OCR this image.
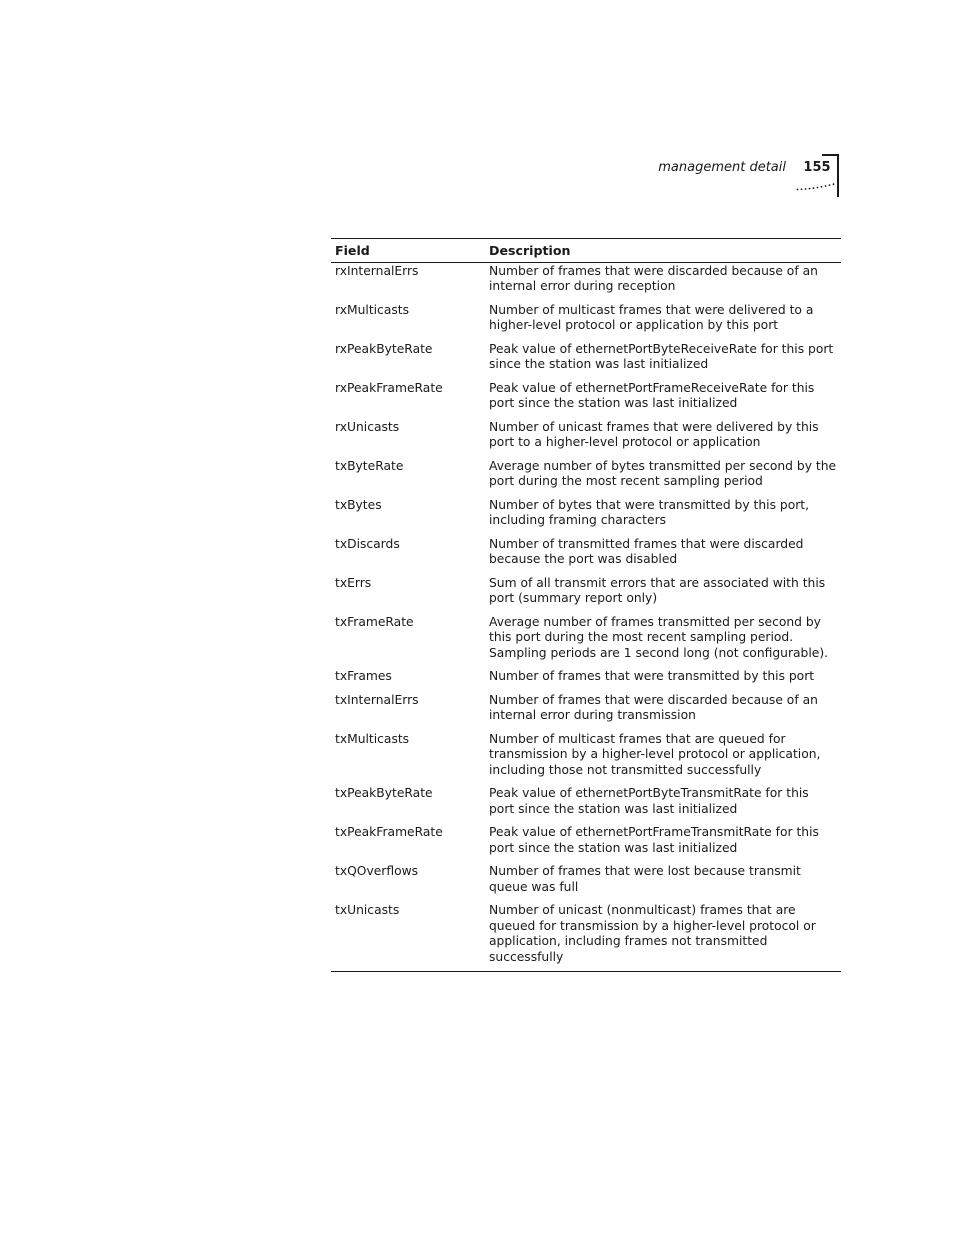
management detail 155
Field	Description
rxInternalErrs	Number of frames that were discarded because of an internal error during reception
rxMulticasts	Number of multicast frames that were delivered to a higher-level protocol or application by this port
rxPeakByteRate	Peak value of ethernetPortByteReceiveRate for this port since the station was last initialized
rxPeakFrameRate	Peak value of ethernetPortFrameReceiveRate for this port since the station was last initialized
rxUnicasts	Number of unicast frames that were delivered by this port to a higher-level protocol or application
txByteRate	Average number of bytes transmitted per second by the port during the most recent sampling period
txBytes	Number of bytes that were transmitted by this port, including framing characters
txDiscards	Number of transmitted frames that were discarded because the port was disabled
txErrs	Sum of all transmit errors that are associated with this port (summary report only)
txFrameRate	Average number of frames transmitted per second by this port during the most recent sampling period. Sampling periods are 1 second long (not configurable).
txFrames	Number of frames that were transmitted by this port
txInternalErrs	Number of frames that were discarded because of an internal error during transmission
txMulticasts	Number of multicast frames that are queued for transmission by a higher-level protocol or application, including those not transmitted successfully
txPeakByteRate	Peak value of ethernetPortByteTransmitRate for this port since the station was last initialized
txPeakFrameRate	Peak value of ethernetPortFrameTransmitRate for this port since the station was last initialized
txQOverflows	Number of frames that were lost because transmit queue was full
txUnicasts	Number of unicast (nonmulticast) frames that are queued for transmission by a higher-level protocol or application, including frames not transmitted successfully
